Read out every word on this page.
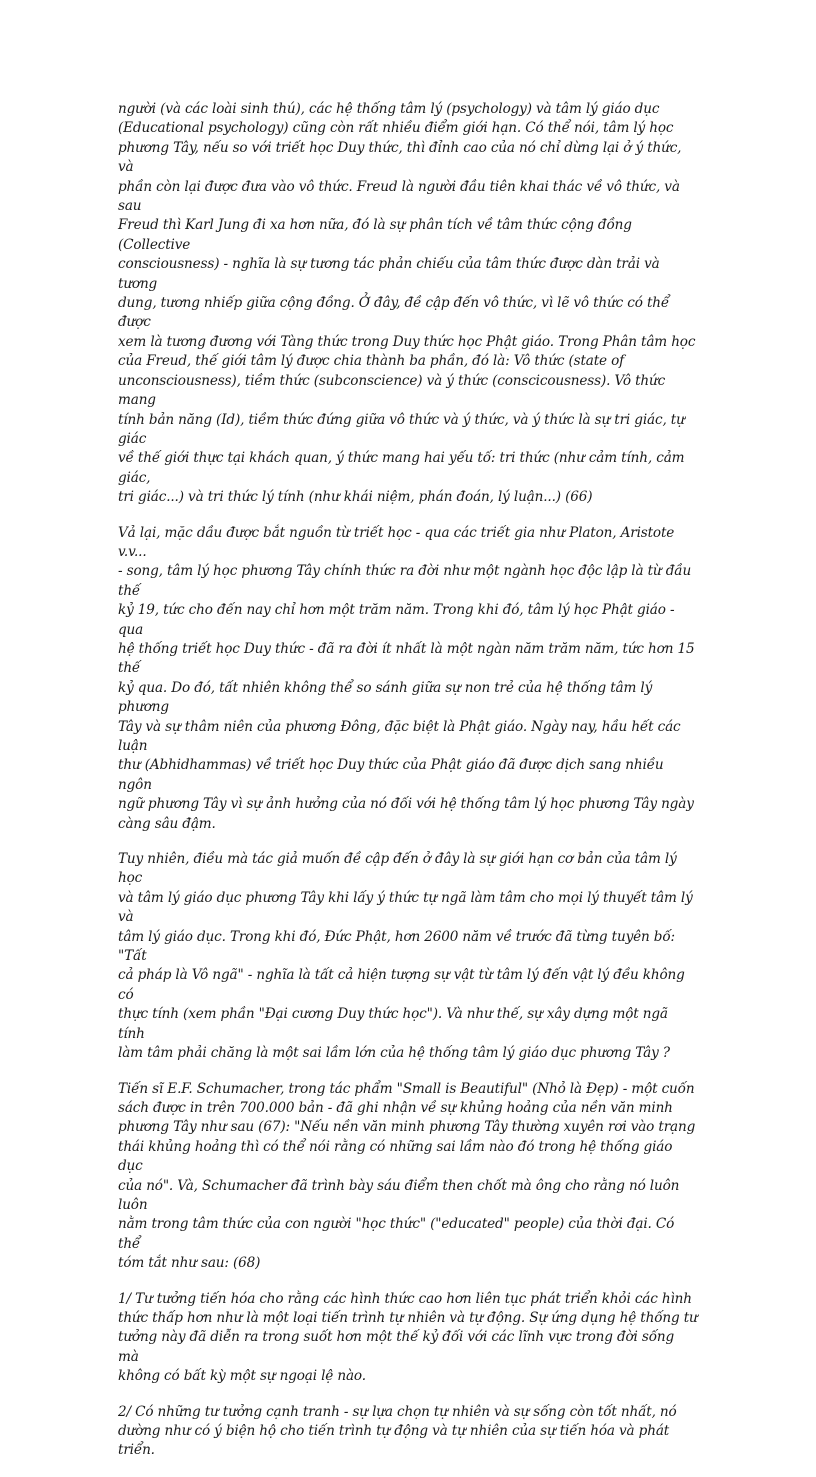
người (và các loài sinh thú), các hệ thống tâm lý (psychology) và tâm lý giáo dục
(Educational psychology) cũng còn rất nhiều điểm giới hạn. Có thể nói, tâm lý học
phương Tây, nếu so với triết học Duy thức, thì đỉnh cao của nó chỉ dừng lại ở ý thức, và
phần còn lại được đưa vào vô thức. Freud là người đầu tiên khai thác về vô thức, và sau
Freud thì Karl Jung đi xa hơn nữa, đó là sự phân tích về tâm thức cộng đồng (Collective
consciousness) - nghĩa là sự tương tác phản chiếu của tâm thức được dàn trải và tương
dung, tương nhiếp giữa cộng đồng. Ở đây, đề cập đến vô thức, vì lẽ vô thức có thể được
xem là tương đương với Tàng thức trong Duy thức học Phật giáo. Trong Phân tâm học
của Freud, thế giới tâm lý được chia thành ba phần, đó là: Vô thức (state of
unconsciousness), tiềm thức (subconscience) và ý thức (conscicousness). Vô thức mang
tính bản năng (Id), tiềm thức đứng giữa vô thức và ý thức, và ý thức là sự tri giác, tự giác
về thế giới thực tại khách quan, ý thức mang hai yếu tố: tri thức (như cảm tính, cảm giác,
tri giác...) và tri thức lý tính (như khái niệm, phán đoán, lý luận...) (66)

Vả lại, mặc dầu được bắt nguồn từ triết học - qua các triết gia như Platon, Aristote v.v...
- song, tâm lý học phương Tây chính thức ra đời như một ngành học độc lập là từ đầu thế
kỷ 19, tức cho đến nay chỉ hơn một trăm năm. Trong khi đó, tâm lý học Phật giáo - qua
hệ thống triết học Duy thức - đã ra đời ít nhất là một ngàn năm trăm năm, tức hơn 15 thế
kỷ qua. Do đó, tất nhiên không thể so sánh giữa sự non trẻ của hệ thống tâm lý phương
Tây và sự thâm niên của phương Đông, đặc biệt là Phật giáo. Ngày nay, hầu hết các luận
thư (Abhidhammas) về triết học Duy thức của Phật giáo đã được dịch sang nhiều ngôn
ngữ phương Tây vì sự ảnh hưởng của nó đối với hệ thống tâm lý học phương Tây ngày
càng sâu đậm.

Tuy nhiên, điều mà tác giả muốn đề cập đến ở đây là sự giới hạn cơ bản của tâm lý học
và tâm lý giáo dục phương Tây khi lấy ý thức tự ngã làm tâm cho mọi lý thuyết tâm lý và
tâm lý giáo dục. Trong khi đó, Đức Phật, hơn 2600 năm về trước đã từng tuyên bố: "Tất
cả pháp là Vô ngã" - nghĩa là tất cả hiện tượng sự vật từ tâm lý đến vật lý đều không có
thực tính (xem phần "Đại cương Duy thức học"). Và như thế, sự xây dựng một ngã tính
làm tâm phải chăng là một sai lầm lớn của hệ thống tâm lý giáo dục phương Tây ?

Tiến sĩ E.F. Schumacher, trong tác phẩm "Small is Beautiful" (Nhỏ là Đẹp) - một cuốn
sách được in trên 700.000 bản - đã ghi nhận về sự khủng hoảng của nền văn minh
phương Tây như sau (67): "Nếu nền văn minh phương Tây thường xuyên rơi vào trạng
thái khủng hoảng thì có thể nói rằng có những sai lầm nào đó trong hệ thống giáo dục
của nó". Và, Schumacher đã trình bày sáu điểm then chốt mà ông cho rằng nó luôn luôn
nằm trong tâm thức của con người "học thức" ("educated" people) của thời đại. Có thể
tóm tắt như sau: (68)

1/ Tư tưởng tiến hóa cho rằng các hình thức cao hơn liên tục phát triển khỏi các hình
thức thấp hơn như là một loại tiến trình tự nhiên và tự động. Sự ứng dụng hệ thống tư
tưởng này đã diễn ra trong suốt hơn một thế kỷ đối với các lĩnh vực trong đời sống mà
không có bất kỳ một sự ngoại lệ nào.

2/ Có những tư tưởng cạnh tranh - sự lựa chọn tự nhiên và sự sống còn tốt nhất, nó
dường như có ý biện hộ cho tiến trình tự động và tự nhiên của sự tiến hóa và phát triển.
